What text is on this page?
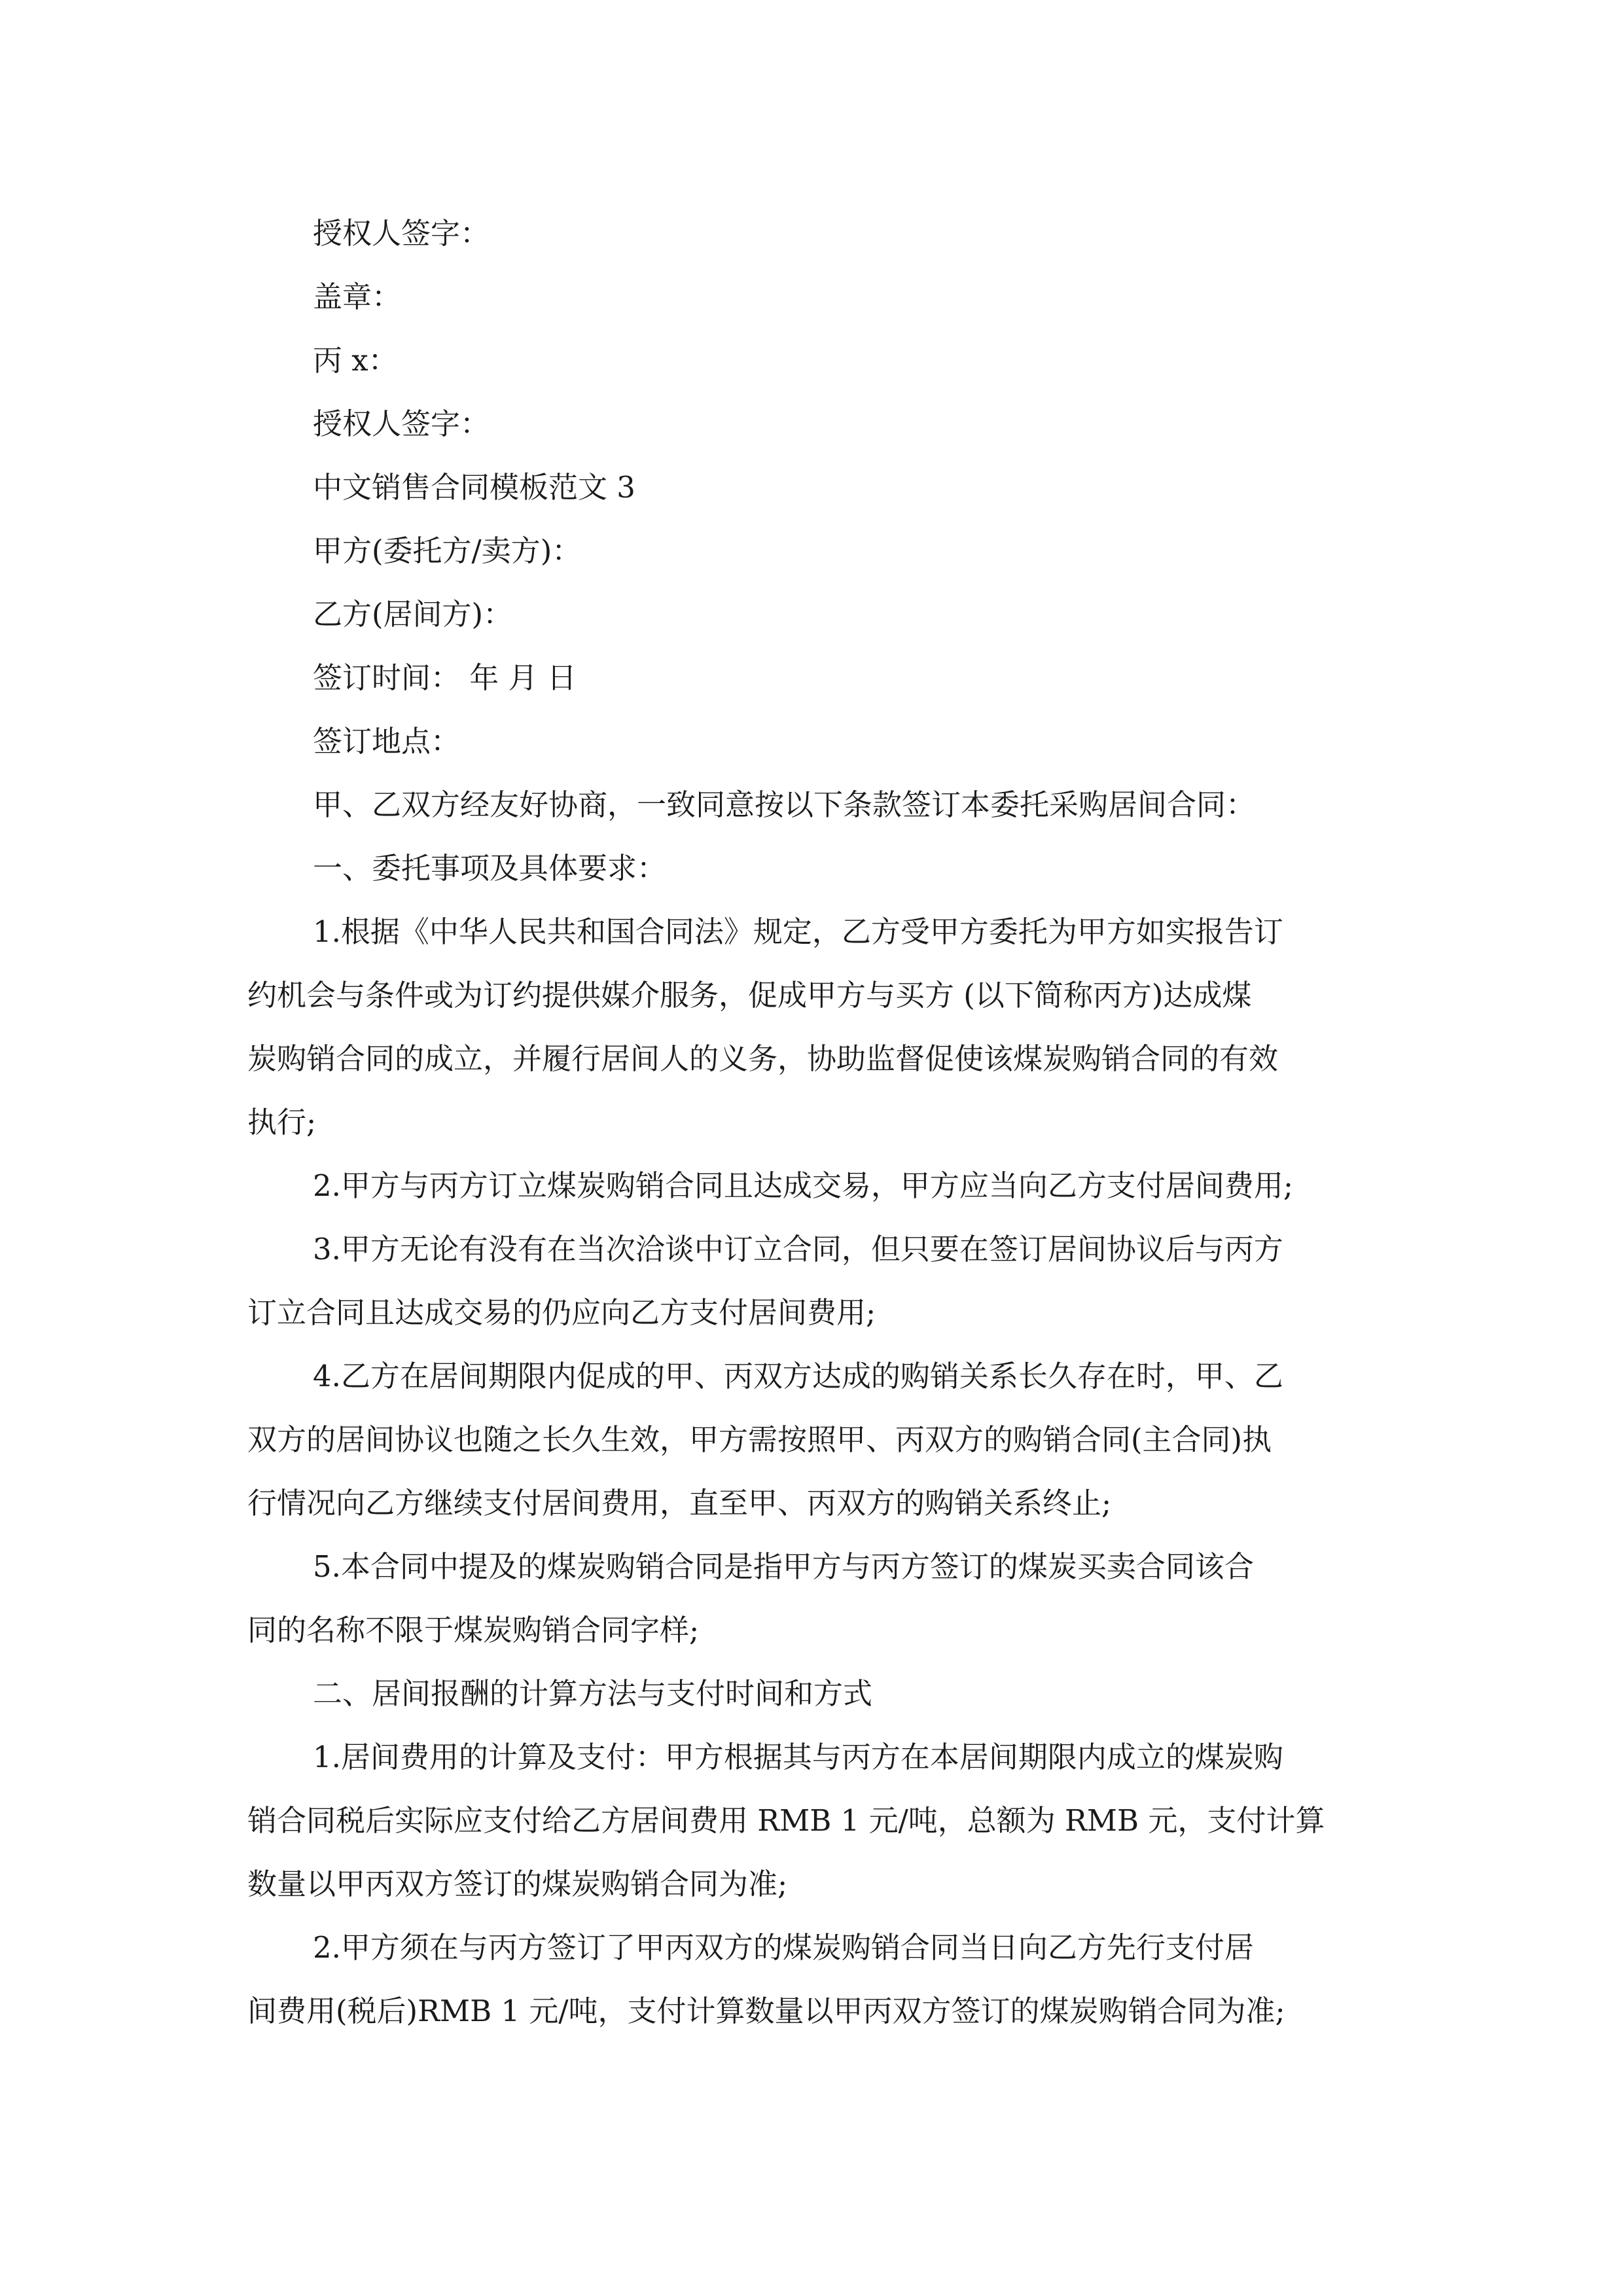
授权人签字：

盖章：

丙 x：

授权人签字：

中文销售合同模板范文 3

甲方(委托方/卖方)：

乙方(居间方)：

签订时间： 年 月 日

签订地点：

甲、乙双方经友好协商，一致同意按以下条款签订本委托采购居间合同：

一、委托事项及具体要求：

1.根据《中华人民共和国合同法》规定，乙方受甲方委托为甲方如实报告订

约机会与条件或为订约提供媒介服务，促成甲方与买方 (以下简称丙方)达成煤

炭购销合同的成立，并履行居间人的义务，协助监督促使该煤炭购销合同的有效

执行;

2.甲方与丙方订立煤炭购销合同且达成交易，甲方应当向乙方支付居间费用;

3.甲方无论有没有在当次洽谈中订立合同，但只要在签订居间协议后与丙方

订立合同且达成交易的仍应向乙方支付居间费用;

4.乙方在居间期限内促成的甲、丙双方达成的购销关系长久存在时，甲、乙

双方的居间协议也随之长久生效，甲方需按照甲、丙双方的购销合同(主合同)执

行情况向乙方继续支付居间费用，直至甲、丙双方的购销关系终止;

5.本合同中提及的煤炭购销合同是指甲方与丙方签订的煤炭买卖合同该合

同的名称不限于煤炭购销合同字样;

二、居间报酬的计算方法与支付时间和方式

1.居间费用的计算及支付：甲方根据其与丙方在本居间期限内成立的煤炭购

销合同税后实际应支付给乙方居间费用 RMB 1 元/吨，总额为 RMB 元，支付计算

数量以甲丙双方签订的煤炭购销合同为准;

2.甲方须在与丙方签订了甲丙双方的煤炭购销合同当日向乙方先行支付居

间费用(税后)RMB 1 元/吨，支付计算数量以甲丙双方签订的煤炭购销合同为准;
